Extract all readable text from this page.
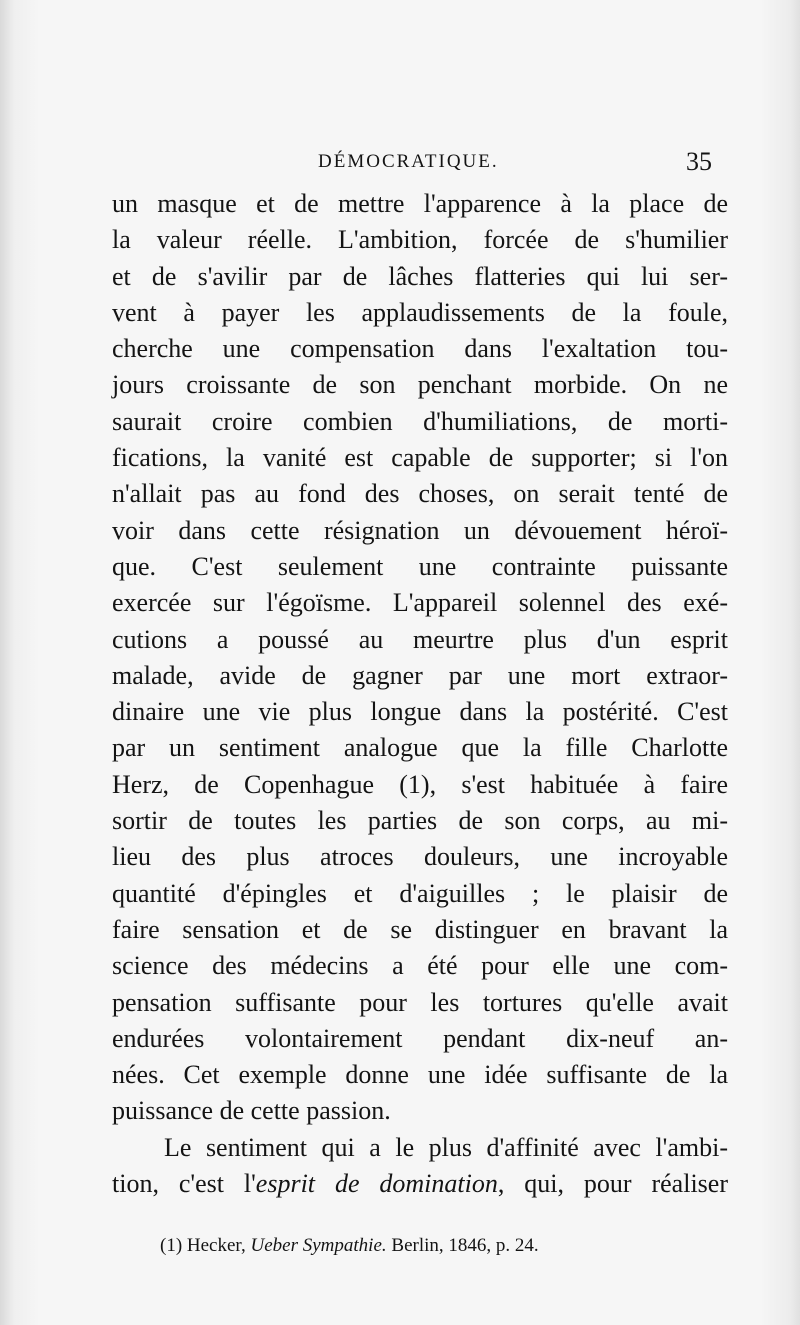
DÉMOCRATIQUE.	35
un masque et de mettre l'apparence à la place de
la valeur réelle. L'ambition, forcée de s'humilier
et de s'avilir par de lâches flatteries qui lui ser-
vent à payer les applaudissements de la foule,
cherche une compensation dans l'exaltation tou-
jours croissante de son penchant morbide. On ne
saurait croire combien d'humiliations, de morti-
fications, la vanité est capable de supporter; si l'on
n'allait pas au fond des choses, on serait tenté de
voir dans cette résignation un dévouement héroï-
que. C'est seulement une contrainte puissante
exercée sur l'égoïsme. L'appareil solennel des exé-
cutions a poussé au meurtre plus d'un esprit
malade, avide de gagner par une mort extraor-
dinaire une vie plus longue dans la postérité. C'est
par un sentiment analogue que la fille Charlotte
Herz, de Copenhague (1), s'est habituée à faire
sortir de toutes les parties de son corps, au mi-
lieu des plus atroces douleurs, une incroyable
quantité d'épingles et d'aiguilles ; le plaisir de
faire sensation et de se distinguer en bravant la
science des médecins a été pour elle une com-
pensation suffisante pour les tortures qu'elle avait
endurées volontairement pendant dix-neuf an-
nées. Cet exemple donne une idée suffisante de la
puissance de cette passion.
Le sentiment qui a le plus d'affinité avec l'ambi-
tion, c'est l'esprit de domination, qui, pour réaliser
(1) Hecker, Ueber Sympathie. Berlin, 1846, p. 24.
